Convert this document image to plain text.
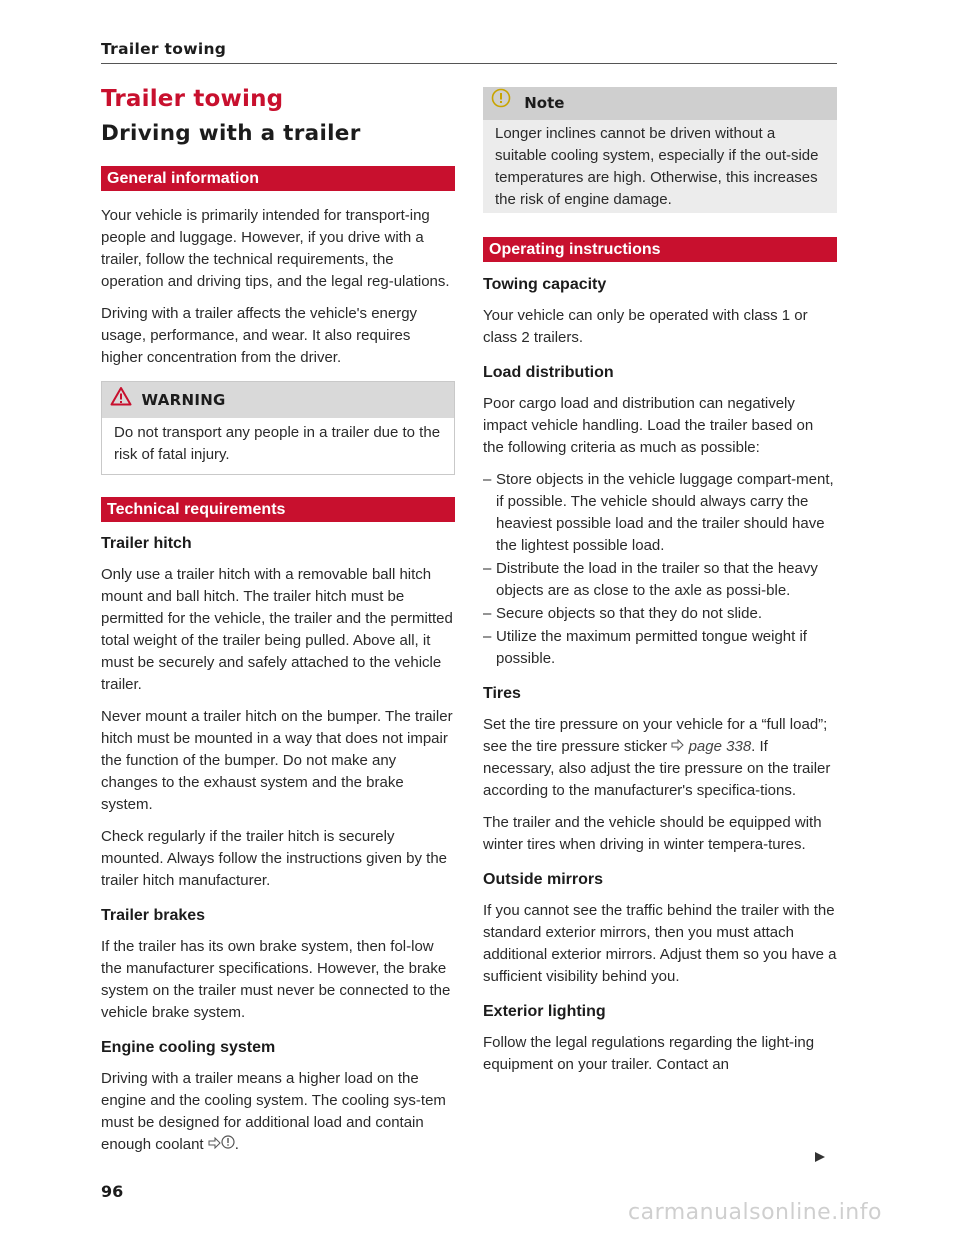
Trailer towing
Trailer towing
Driving with a trailer
General information

Your vehicle is primarily intended for transport-ing people and luggage. However, if you drive with a trailer, follow the technical requirements, the operation and driving tips, and the legal reg-ulations.

Driving with a trailer affects the vehicle's energy usage, performance, and wear. It also requires higher concentration from the driver.

WARNING

Do not transport any people in a trailer due to the risk of fatal injury.

Technical requirements
Trailer hitch

Only use a trailer hitch with a removable ball hitch mount and ball hitch. The trailer hitch must be permitted for the vehicle, the trailer and the permitted total weight of the trailer being pulled. Above all, it must be securely and safely attached to the vehicle trailer.

Never mount a trailer hitch on the bumper. The trailer hitch must be mounted in a way that does not impair the function of the bumper. Do not make any changes to the exhaust system and the brake system.

Check regularly if the trailer hitch is securely mounted. Always follow the instructions given by the trailer hitch manufacturer.

Trailer brakes

If the trailer has its own brake system, then fol-low the manufacturer specifications. However, the brake system on the trailer must never be connected to the vehicle brake system.

Engine cooling system

Driving with a trailer means a higher load on the engine and the cooling system. The cooling sys-tem must be designed for additional load and contain enough coolant .

Note

Longer inclines cannot be driven without a suitable cooling system, especially if the out-side temperatures are high. Otherwise, this increases the risk of engine damage.

Operating instructions
Towing capacity

Your vehicle can only be operated with class 1 or class 2 trailers.

Load distribution

Poor cargo load and distribution can negatively impact vehicle handling. Load the trailer based on the following criteria as much as possible:

– Store objects in the vehicle luggage compart-ment, if possible. The vehicle should always carry the heaviest possible load and the trailer should have the lightest possible load.
– Distribute the load in the trailer so that the heavy objects are as close to the axle as possi-ble.
– Secure objects so that they do not slide.
– Utilize the maximum permitted tongue weight if possible.
Tires

Set the tire pressure on your vehicle for a “full load”; see the tire pressure sticker page 338. If necessary, also adjust the tire pressure on the trailer according to the manufacturer's specifica-tions.

The trailer and the vehicle should be equipped with winter tires when driving in winter tempera-tures.

Outside mirrors

If you cannot see the traffic behind the trailer with the standard exterior mirrors, then you must attach additional exterior mirrors. Adjust them so you have a sufficient visibility behind you.

Exterior lighting

Follow the legal regulations regarding the light-ing equipment on your trailer. Contact an

96
carmanualsonline.info
